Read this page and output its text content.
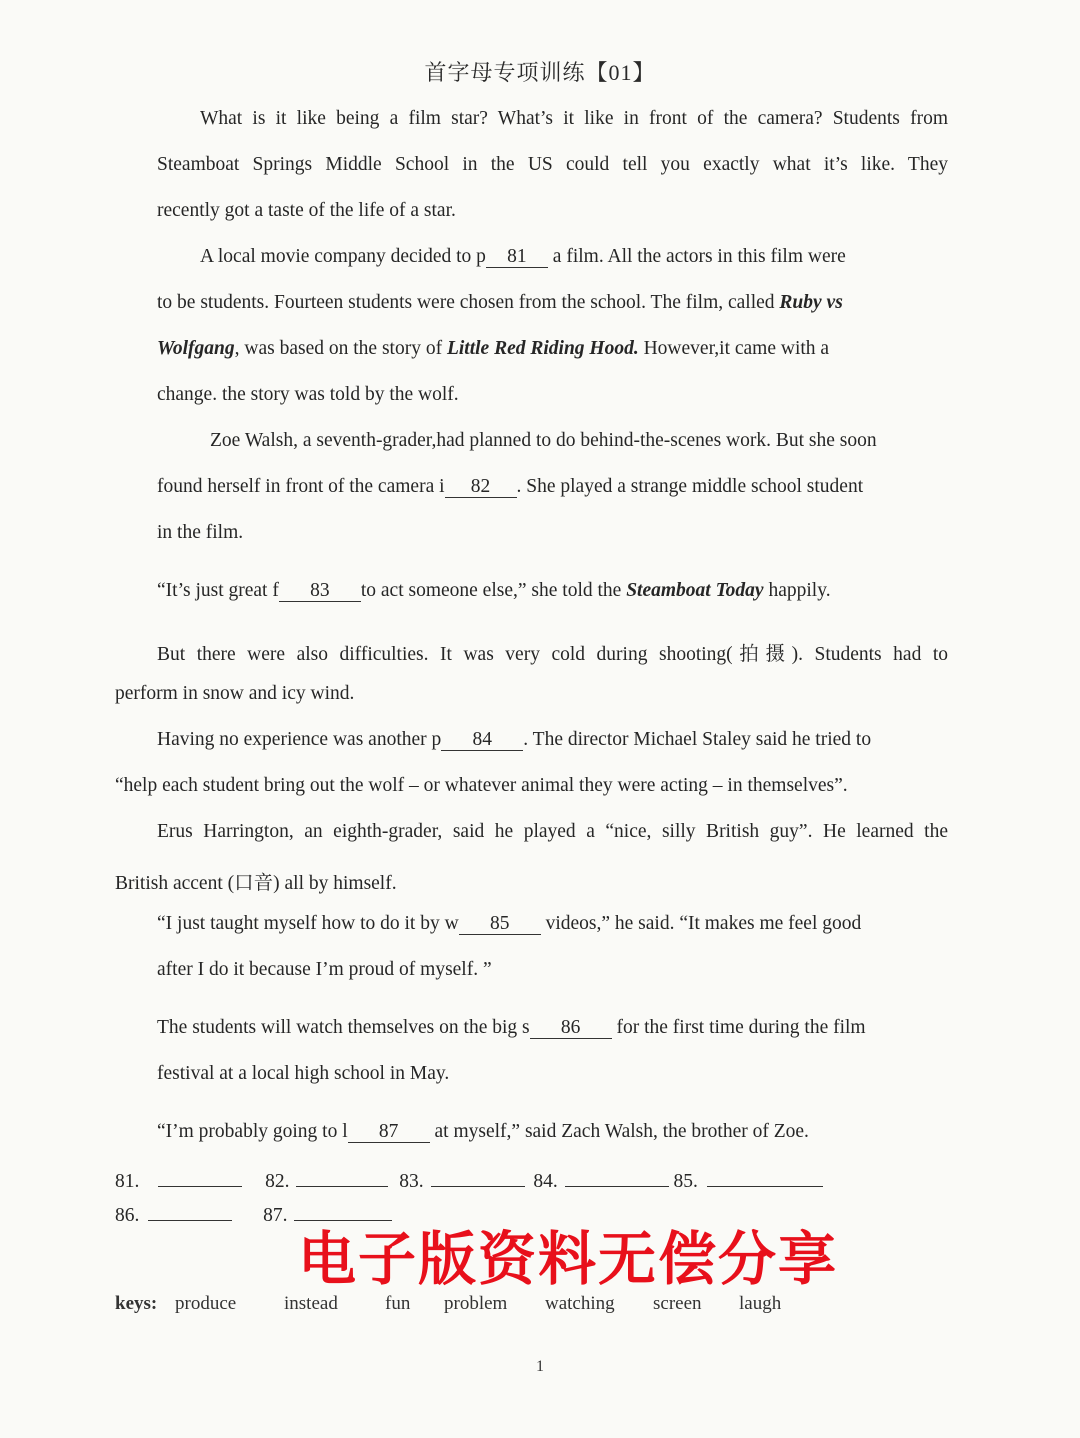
首字母专项训练【01】
What is it like being a film star? What’s it like in front of the camera? Students from
Steamboat Springs Middle School in the US could tell you exactly what it’s like. They
recently got a taste of the life of a star.
A local movie company decided to p 81 a film. All the actors in this film were
to be students. Fourteen students were chosen from the school. The film, called Ruby vs
Wolfgang, was based on the story of Little Red Riding Hood. However,it came with a
change. the story was told by the wolf.
Zoe Walsh, a seventh-grader,had planned to do behind-the-scenes work. But she soon
found herself in front of the camera i 82 . She played a strange middle school student
in the film.
“It’s just great f 83 to act someone else,” she told the Steamboat Today happily.
But there were also difficulties. It was very cold during shooting(拍摄). Students had to
perform in snow and icy wind.
Having no experience was another p 84 . The director Michael Staley said he tried to
“help each student bring out the wolf – or whatever animal they were acting – in themselves”.
Erus Harrington, an eighth-grader, said he played a “nice, silly British guy”. He learned the
British accent (口音) all by himself.
“I just taught myself how to do it by w 85 videos,” he said. “It makes me feel good
after I do it because I’m proud of myself. ”
The students will watch themselves on the big s 86 for the first time during the film
festival at a local high school in May.
“I’m probably going to l 87 at myself,” said Zach Walsh, the brother of Zoe.
81.	82.	83.	84.	85.
86.	87.
电子版资料无偿分享
keys: produce	instead fun problem watching screen laugh
1
